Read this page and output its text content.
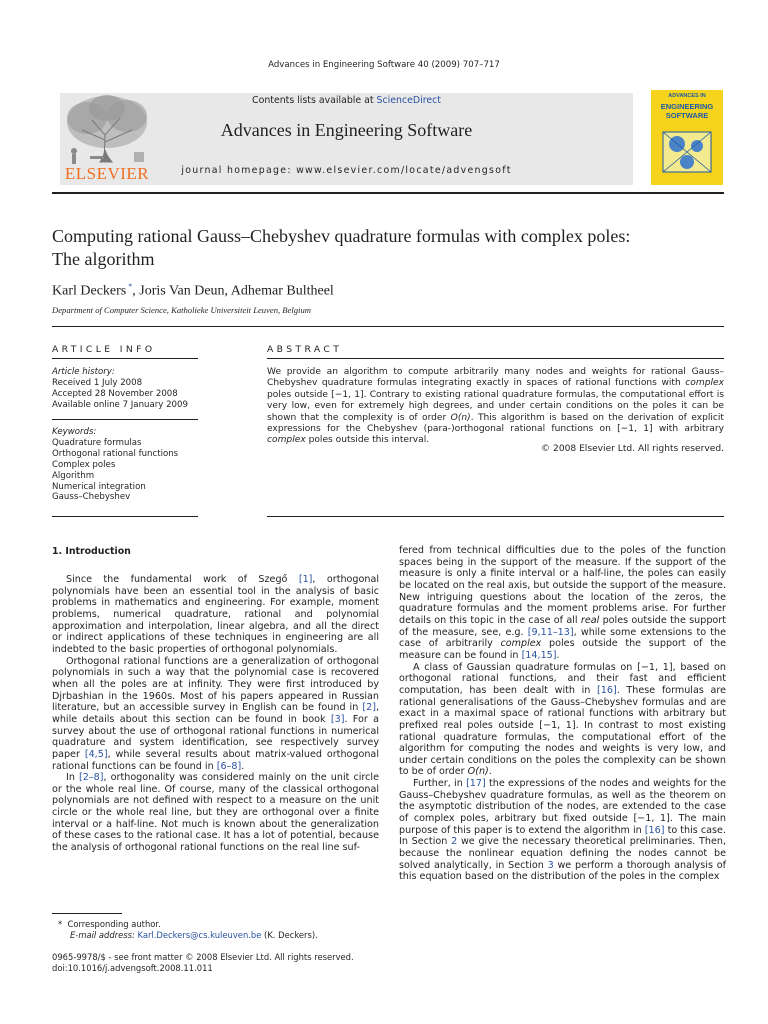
Advances in Engineering Software 40 (2009) 707–717
Contents lists available at ScienceDirect
Advances in Engineering Software
journal homepage: www.elsevier.com/locate/advengsoft
ELSEVIER
ADVANCES IN
ENGINEERING
SOFTWARE
Computing rational Gauss–Chebyshev quadrature formulas with complex poles:
The algorithm
Karl Deckers *, Joris Van Deun, Adhemar Bultheel
Department of Computer Science, Katholieke Universiteit Leuven, Belgium
ARTICLE INFO
Article history:
Received 1 July 2008
Accepted 28 November 2008
Available online 7 January 2009
Keywords:
Quadrature formulas
Orthogonal rational functions
Complex poles
Algorithm
Numerical integration
Gauss–Chebyshev
ABSTRACT
We provide an algorithm to compute arbitrarily many nodes and weights for rational Gauss–Chebyshev quadrature formulas integrating exactly in spaces of rational functions with complex poles outside [−1, 1]. Contrary to existing rational quadrature formulas, the computational effort is very low, even for extremely high degrees, and under certain conditions on the poles it can be shown that the complexity is of order O(n). This algorithm is based on the derivation of explicit expressions for the Chebyshev (para-)orthogonal rational functions on [−1, 1] with arbitrary complex poles outside this interval.
© 2008 Elsevier Ltd. All rights reserved.
1. Introduction

Since the fundamental work of Szegő [1], orthogonal polynomials have been an essential tool in the analysis of basic problems in mathematics and engineering. For example, moment problems, numerical quadrature, rational and polynomial approximation and interpolation, linear algebra, and all the direct or indirect applications of these techniques in engineering are all indebted to the basic properties of orthogonal polynomials.

Orthogonal rational functions are a generalization of orthogonal polynomials in such a way that the polynomial case is recovered when all the poles are at infinity. They were first introduced by Djrbashian in the 1960s. Most of his papers appeared in Russian literature, but an accessible survey in English can be found in [2], while details about this section can be found in book [3]. For a survey about the use of orthogonal rational functions in numerical quadrature and system identification, see respectively survey paper [4,5], while several results about matrix-valued orthogonal rational functions can be found in [6–8].

In [2–8], orthogonality was considered mainly on the unit circle or the whole real line. Of course, many of the classical orthogonal polynomials are not defined with respect to a measure on the unit circle or the whole real line, but they are orthogonal over a finite interval or a half-line. Not much is known about the generalization of these cases to the rational case. It has a lot of potential, because the analysis of orthogonal rational functions on the real line suf-

fered from technical difficulties due to the poles of the function spaces being in the support of the measure. If the support of the measure is only a finite interval or a half-line, the poles can easily be located on the real axis, but outside the support of the measure. New intriguing questions about the location of the zeros, the quadrature formulas and the moment problems arise. For further details on this topic in the case of all real poles outside the support of the measure, see, e.g. [9,11–13], while some extensions to the case of arbitrarily complex poles outside the support of the measure can be found in [14,15].

A class of Gaussian quadrature formulas on [−1, 1], based on orthogonal rational functions, and their fast and efficient computation, has been dealt with in [16]. These formulas are rational generalisations of the Gauss–Chebyshev formulas and are exact in a maximal space of rational functions with arbitrary but prefixed real poles outside [−1, 1]. In contrast to most existing rational quadrature formulas, the computational effort of the algorithm for computing the nodes and weights is very low, and under certain conditions on the poles the complexity can be shown to be of order O(n).

Further, in [17] the expressions of the nodes and weights for the Gauss–Chebyshev quadrature formulas, as well as the theorem on the asymptotic distribution of the nodes, are extended to the case of complex poles, arbitrary but fixed outside [−1, 1]. The main purpose of this paper is to extend the algorithm in [16] to this case. In Section 2 we give the necessary theoretical preliminaries. Then, because the nonlinear equation defining the nodes cannot be solved analytically, in Section 3 we perform a thorough analysis of this equation based on the distribution of the poles in the complex

* Corresponding author.
E-mail address: Karl.Deckers@cs.kuleuven.be (K. Deckers).
0965-9978/$ - see front matter © 2008 Elsevier Ltd. All rights reserved.
doi:10.1016/j.advengsoft.2008.11.011
